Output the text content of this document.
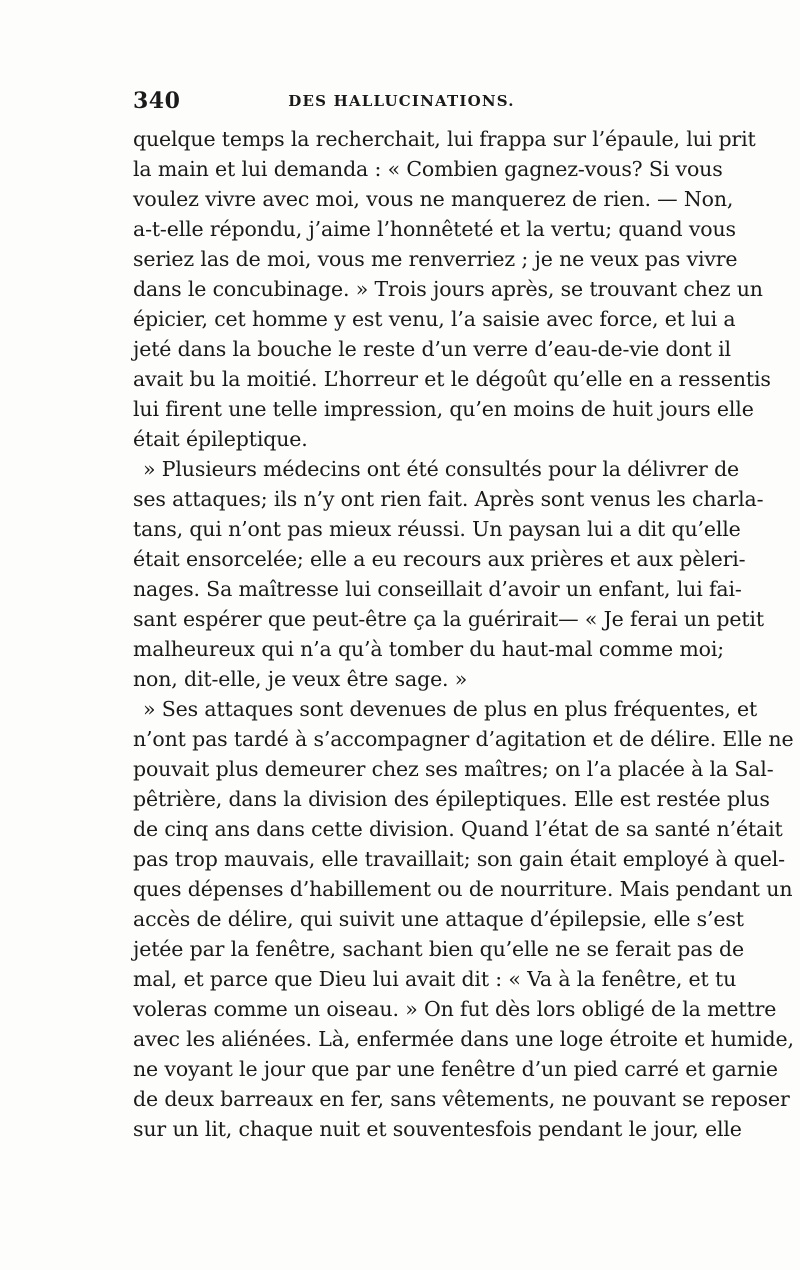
340	DES HALLUCINATIONS.
quelque temps la recherchait, lui frappa sur l’épaule, lui prit
la main et lui demanda : « Combien gagnez-vous? Si vous
voulez vivre avec moi, vous ne manquerez de rien. — Non,
a-t-elle répondu, j’aime l’honnêteté et la vertu; quand vous
seriez las de moi, vous me renverriez ; je ne veux pas vivre
dans le concubinage. » Trois jours après, se trouvant chez un
épicier, cet homme y est venu, l’a saisie avec force, et lui a
jeté dans la bouche le reste d’un verre d’eau-de-vie dont il
avait bu la moitié. L’horreur et le dégoût qu’elle en a ressentis
lui firent une telle impression, qu’en moins de huit jours elle
était épileptique.
» Plusieurs médecins ont été consultés pour la délivrer de
ses attaques; ils n’y ont rien fait. Après sont venus les charla-
tans, qui n’ont pas mieux réussi. Un paysan lui a dit qu’elle
était ensorcelée; elle a eu recours aux prières et aux pèleri-
nages. Sa maîtresse lui conseillait d’avoir un enfant, lui fai-
sant espérer que peut-être ça la guérirait— « Je ferai un petit
malheureux qui n’a qu’à tomber du haut-mal comme moi;
non, dit-elle, je veux être sage. »
» Ses attaques sont devenues de plus en plus fréquentes, et
n’ont pas tardé à s’accompagner d’agitation et de délire. Elle ne
pouvait plus demeurer chez ses maîtres; on l’a placée à la Sal-
pêtrière, dans la division des épileptiques. Elle est restée plus
de cinq ans dans cette division. Quand l’état de sa santé n’était
pas trop mauvais, elle travaillait; son gain était employé à quel-
ques dépenses d’habillement ou de nourriture. Mais pendant un
accès de délire, qui suivit une attaque d’épilepsie, elle s’est
jetée par la fenêtre, sachant bien qu’elle ne se ferait pas de
mal, et parce que Dieu lui avait dit : « Va à la fenêtre, et tu
voleras comme un oiseau. » On fut dès lors obligé de la mettre
avec les aliénées. Là, enfermée dans une loge étroite et humide,
ne voyant le jour que par une fenêtre d’un pied carré et garnie
de deux barreaux en fer, sans vêtements, ne pouvant se reposer
sur un lit, chaque nuit et souventesfois pendant le jour, elle
